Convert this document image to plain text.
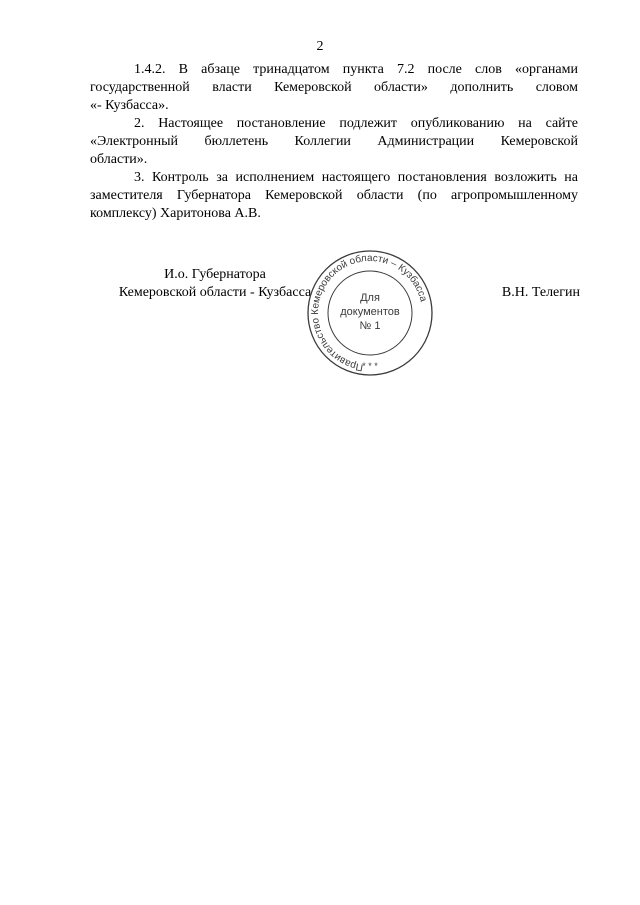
2

1.4.2. В абзаце тринадцатом пункта 7.2 после слов «органами
государственной власти Кемеровской области» дополнить словом
«- Кузбасса».

2. Настоящее постановление подлежит опубликованию на сайте
«Электронный бюллетень Коллегии Администрации Кемеровской
области».

3. Контроль за исполнением настоящего постановления возложить на
заместителя Губернатора Кемеровской области (по агропромышленному
комплексу) Харитонова А.В.

И.о. Губернатора
Кемеровской области - Кузбасса	В.Н. Телегин
Правительство Кемеровской области – Кузбасса
* * *
Для
документов
№ 1
